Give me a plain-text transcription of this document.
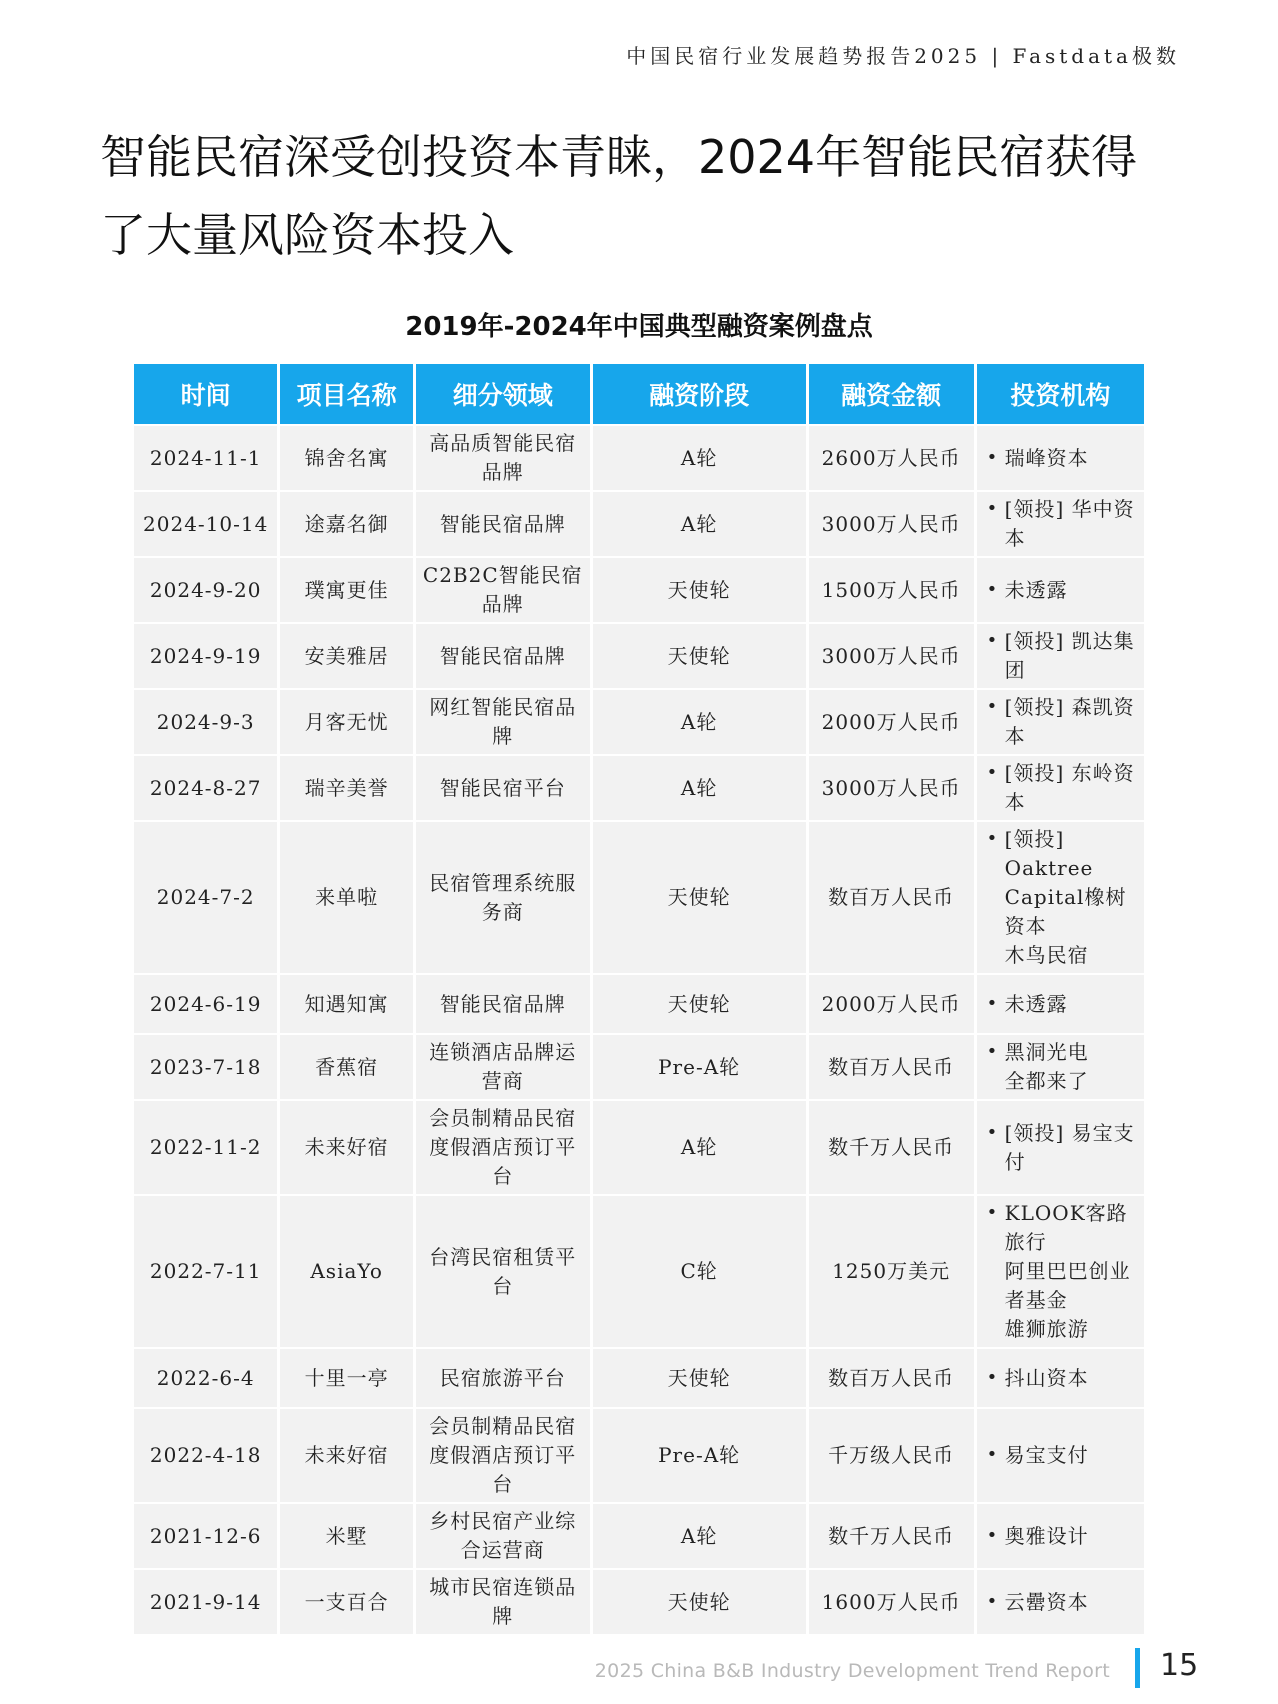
中国民宿行业发展趋势报告2025 | Fastdata极数
智能民宿深受创投资本青睐，2024年智能民宿获得
了大量风险资本投入
2019年-2024年中国典型融资案例盘点
时间	项目名称	细分领域	融资阶段	融资金额	投资机构
2024-11-1	锦舍名寓	高品质智能民宿品牌	A轮	2600万人民币	• 瑞峰资本

2024-10-14	途嘉名御	智能民宿品牌	A轮	3000万人民币	• [领投] 华中资本

2024-9-20	璞寓更佳	C2B2C智能民宿品牌	天使轮	1500万人民币	• 未透露

2024-9-19	安美雅居	智能民宿品牌	天使轮	3000万人民币	• [领投] 凯达集团

2024-9-3	月客无忧	网红智能民宿品牌	A轮	2000万人民币	• [领投] 森凯资本

2024-8-27	瑞辛美誉	智能民宿平台	A轮	3000万人民币	• [领投] 东岭资本

2024-7-2	来单啦	民宿管理系统服务商	天使轮	数百万人民币	• [领投] Oaktree Capital橡树资本
木鸟民宿

2024-6-19	知遇知寓	智能民宿品牌	天使轮	2000万人民币	• 未透露

2023-7-18	香蕉宿	连锁酒店品牌运营商	Pre-A轮	数百万人民币	• 黑洞光电
全都来了

2022-11-2	未来好宿	会员制精品民宿度假酒店预订平台	A轮	数千万人民币	• [领投] 易宝支付

2022-7-11	AsiaYo	台湾民宿租赁平台	C轮	1250万美元	• KLOOK客路旅行
阿里巴巴创业者基金
雄狮旅游

2022-6-4	十里一亭	民宿旅游平台	天使轮	数百万人民币	• 抖山资本

2022-4-18	未来好宿	会员制精品民宿度假酒店预订平台	Pre-A轮	千万级人民币	• 易宝支付

2021-12-6	米墅	乡村民宿产业综合运营商	A轮	数千万人民币	• 奥雅设计

2021-9-14	一支百合	城市民宿连锁品牌	天使轮	1600万人民币	• 云罍资本
2025 China B&B Industry Development Trend Report 15
